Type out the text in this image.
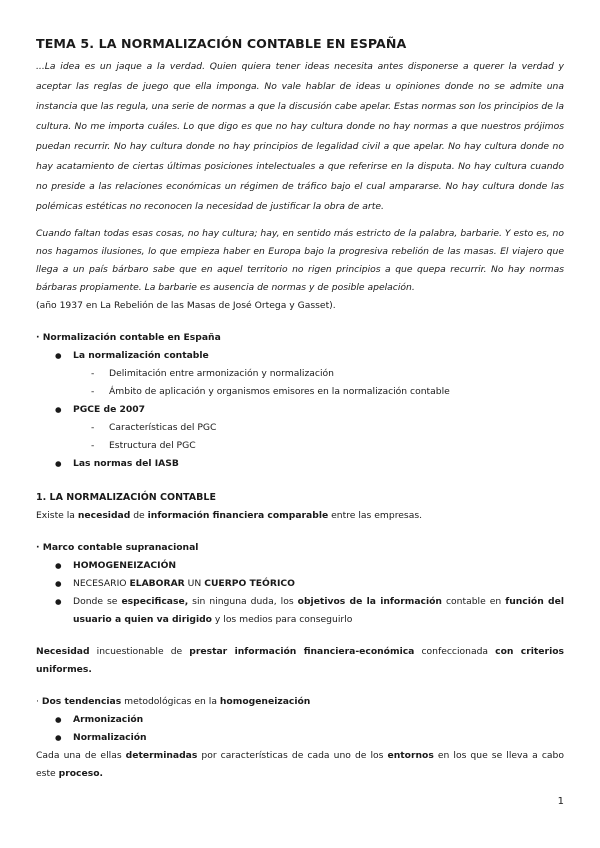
TEMA 5. LA NORMALIZACIÓN CONTABLE EN ESPAÑA

...La idea es un jaque a la verdad. Quien quiera tener ideas necesita antes disponerse a querer la verdad y aceptar las reglas de juego que ella imponga. No vale hablar de ideas u opiniones donde no se admite una instancia que las regula, una serie de normas a que la discusión cabe apelar. Estas normas son los principios de la cultura. No me importa cuáles. Lo que digo es que no hay cultura donde no hay normas a que nuestros prójimos puedan recurrir. No hay cultura donde no hay principios de legalidad civil a que apelar. No hay cultura donde no hay acatamiento de ciertas últimas posiciones intelectuales a que referirse en la disputa. No hay cultura cuando no preside a las relaciones económicas un régimen de tráfico bajo el cual ampararse. No hay cultura donde las polémicas estéticas no reconocen la necesidad de justificar la obra de arte.

Cuando faltan todas esas cosas, no hay cultura; hay, en sentido más estricto de la palabra, barbarie. Y esto es, no nos hagamos ilusiones, lo que empieza haber en Europa bajo la progresiva rebelión de las masas. El viajero que llega a un país bárbaro sabe que en aquel territorio no rigen principios a que quepa recurrir. No hay normas bárbaras propiamente. La barbarie es ausencia de normas y de posible apelación.
(año 1937 en La Rebelión de las Masas de José Ortega y Gasset).

· Normalización contable en España
● La normalización contable
- Delimitación entre armonización y normalización
- Ámbito de aplicación y organismos emisores en la normalización contable
● PGCE de 2007
- Características del PGC
- Estructura del PGC
● Las normas del IASB
1. LA NORMALIZACIÓN CONTABLE

Existe la necesidad de información financiera comparable entre las empresas.

· Marco contable supranacional
● HOMOGENEIZACIÓN
● NECESARIO ELABORAR UN CUERPO TEÓRICO
● Donde se especificase, sin ninguna duda, los objetivos de la información contable en función del usuario a quien va dirigido y los medios para conseguirlo

Necesidad incuestionable de prestar información financiera-económica confeccionada con criterios uniformes.

· Dos tendencias metodológicas en la homogeneización
● Armonización
● Normalización

Cada una de ellas determinadas por características de cada uno de los entornos en los que se lleva a cabo este proceso.

1
